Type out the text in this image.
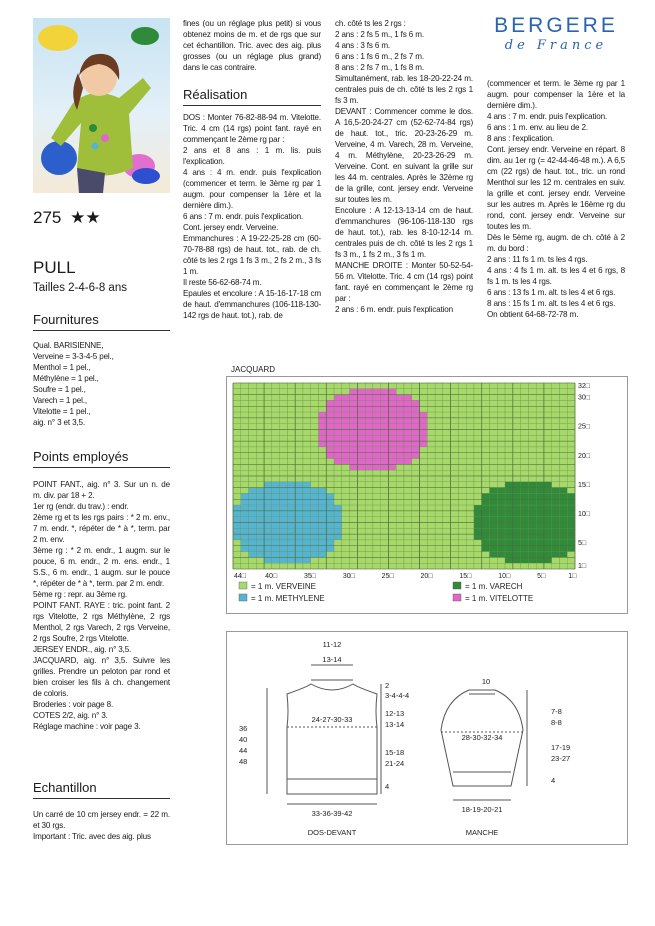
BERGERE
de France
275 ★★
PULL
Tailles 2-4-6-8 ans
Fournitures

Qual. BARISIENNE,

Verveine = 3-3-4-5 pel.,

Menthol = 1 pel.,

Méthylène = 1 pel.,

Soufre = 1 pel.,

Varech = 1 pel.,

Vitelotte = 1 pel.,

aig. n° 3 et 3,5.

Points employés

POINT FANT., aig. n° 3. Sur un n. de m. div. par 18 + 2.

1er rg (endr. du trav.) : endr.

2ème rg et ts les rgs pairs : * 2 m. env., 7 m. endr. *, répéter de * à *, term. par 2 m. env.

3ème rg : * 2 m. endr., 1 augm. sur le pouce, 6 m. endr., 2 m. ens. endr., 1 S.S., 6 m. endr., 1 augm. sur le pouce *, répéter de * à *, term. par 2 m. endr.

5ème rg : repr. au 3ème rg.

POINT FANT. RAYE : tric. point fant. 2 rgs Vitelotte, 2 rgs Méthylène, 2 rgs Menthol, 2 rgs Varech, 2 rgs Verveine, 2 rgs Soufre, 2 rgs Vitelotte.

JERSEY ENDR., aig. n° 3,5.

JACQUARD, aig. n° 3,5. Suivre les grilles. Prendre un peloton par rond et bien croiser les fils à ch. changement de coloris.

Broderies : voir page 8.

COTES 2/2, aig. n° 3.

Réglage machine : voir page 3.

Echantillon

Un carré de 10 cm jersey endr. = 22 m. et 30 rgs.

Important : Tric. avec des aig. plus

fines (ou un réglage plus petit) si vous obtenez moins de m. et de rgs que sur cet échantillon. Tric. avec des aig. plus grosses (ou un réglage plus grand) dans le cas contraire.

Réalisation

DOS : Monter 76-82-88-94 m. Vitelotte. Tric. 4 cm (14 rgs) point fant. rayé en commençant le 2ème rg par :

2 ans et 8 ans : 1 m. lis. puis l'explication.

4 ans : 4 m. endr. puis l'explication (commencer et term. le 3ème rg par 1 augm. pour compenser la 1ère et la dernière dim.).

6 ans : 7 m. endr. puis l'explication.

Cont. jersey endr. Verveine.

Emmanchures : A 19-22-25-28 cm (60-70-78-88 rgs) de haut. tot., rab. de ch. côté ts les 2 rgs 1 fs 3 m., 2 fs 2 m., 3 fs 1 m.

Il reste 56-62-68-74 m.

Epaules et encolure : A 15-16-17-18 cm de haut. d'emmanchures (106-118-130-142 rgs de haut. tot.), rab. de

ch. côté ts les 2 rgs :

2 ans : 2 fs 5 m., 1 fs 6 m.

4 ans : 3 fs 6 m.

6 ans : 1 fs 6 m., 2 fs 7 m.

8 ans : 2 fs 7 m., 1 fs 8 m.

Simultanément, rab. les 18-20-22-24 m. centrales puis de ch. côté ts les 2 rgs 1 fs 3 m.

DEVANT : Commencer comme le dos. A 16,5-20-24-27 cm (52-62-74-84 rgs) de haut. tot., tric. 20-23-26-29 m. Verveine, 4 m. Varech, 28 m. Verveine, 4 m. Méthylène, 20-23-26-29 m. Verveine. Cont. en suivant la grille sur les 44 m. centrales. Après le 32ème rg de la grille, cont. jersey endr. Verveine sur toutes les m.

Encolure : A 12-13-13-14 cm de haut. d'emmanchures (96-106-118-130 rgs de haut. tot.), rab. les 8-10-12-14 m. centrales puis de ch. côté ts les 2 rgs 1 fs 3 m., 1 fs 2 m., 3 fs 1 m.

MANCHE DROITE : Monter 50-52-54-56 m. Vitelotte. Tric. 4 cm (14 rgs) point fant. rayé en commençant le 2ème rg par :

2 ans : 6 m. endr. puis l'explication

(commencer et term. le 3ème rg par 1 augm. pour compenser la 1ère et la dernière dim.).

4 ans : 7 m. endr. puis l'explication.

6 ans : 1 m. env. au lieu de 2.

8 ans : l'explication.

Cont. jersey endr. Verveine en répart. 8 dim. au 1er rg (= 42-44-46-48 m.). A 6,5 cm (22 rgs) de haut. tot., tric. un rond Menthol sur les 12 m. centrales en suiv. la grille et cont. jersey endr. Verveine sur les autres m. Après le 16ème rg du rond, cont. jersey endr. Verveine sur toutes les m.

Dès le 5ème rg, augm. de ch. côté à 2 m. du bord :

2 ans : 11 fs 1 m. ts les 4 rgs.

4 ans : 4 fs 1 m. alt. ts les 4 et 6 rgs, 8 fs 1 m. ts les 4 rgs.

6 ans : 13 fs 1 m. alt. ts les 4 et 6 rgs.

8 ans : 15 fs 1 m. alt. ts les 4 et 6 rgs.

On obtient 64-68-72-78 m.

JACQUARD
44□	40□	35□	30□	25□	20□	15□	10□	5□	1□
32□
30□
25□
20□
15□
10□
5□
1□
= 1 m. VERVEINE
= 1 m. METHYLENE
= 1 m. VARECH
= 1 m. VITELOTTE
11-12
13-14
36
40
44
48
24-27-30-33
2
3-4-4-4
12-13
13-14
15-18
21-24
4
33-36-39-42
DOS-DEVANT
10
28-30-32-34
7-8
8-8
17-19
23-27
4
18-19-20-21
MANCHE
